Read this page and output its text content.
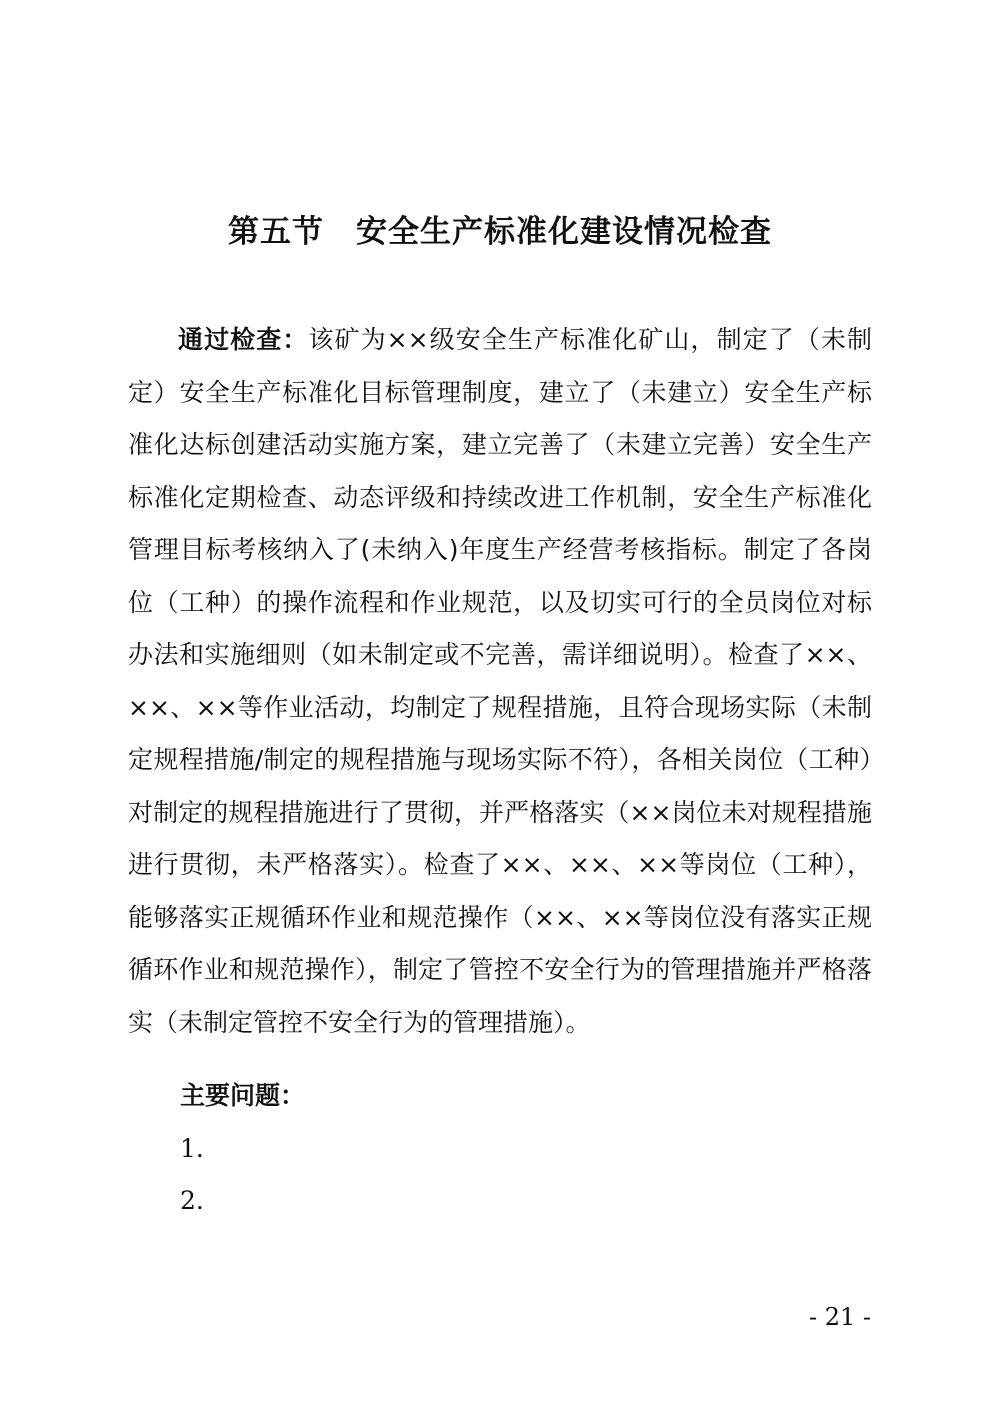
第五节　安全生产标准化建设情况检查

通过检查：该矿为××级安全生产标准化矿山，制定了（未制定）安全生产标准化目标管理制度，建立了（未建立）安全生产标准化达标创建活动实施方案，建立完善了（未建立完善）安全生产标准化定期检查、动态评级和持续改进工作机制，安全生产标准化管理目标考核纳入了(未纳入)年度生产经营考核指标。制定了各岗位（工种）的操作流程和作业规范，以及切实可行的全员岗位对标办法和实施细则（如未制定或不完善，需详细说明）。检查了××、××、××等作业活动，均制定了规程措施，且符合现场实际（未制定规程措施/制定的规程措施与现场实际不符），各相关岗位（工种）对制定的规程措施进行了贯彻，并严格落实（××岗位未对规程措施进行贯彻，未严格落实）。检查了××、××、××等岗位（工种），能够落实正规循环作业和规范操作（××、××等岗位没有落实正规循环作业和规范操作），制定了管控不安全行为的管理措施并严格落实（未制定管控不安全行为的管理措施）。

主要问题：

1.

2.

- 21 -
